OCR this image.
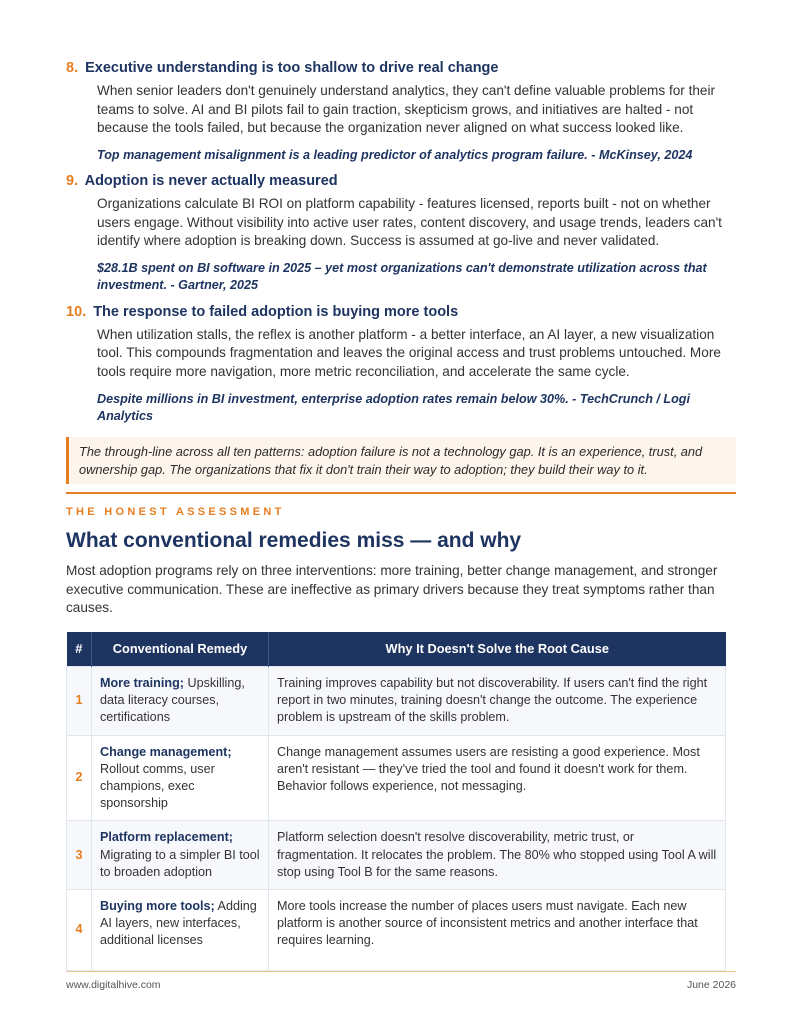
8. Executive understanding is too shallow to drive real change

When senior leaders don't genuinely understand analytics, they can't define valuable problems for their teams to solve. AI and BI pilots fail to gain traction, skepticism grows, and initiatives are halted - not because the tools failed, but because the organization never aligned on what success looked like.

Top management misalignment is a leading predictor of analytics program failure. - McKinsey, 2024

9. Adoption is never actually measured

Organizations calculate BI ROI on platform capability - features licensed, reports built - not on whether users engage. Without visibility into active user rates, content discovery, and usage trends, leaders can't identify where adoption is breaking down. Success is assumed at go-live and never validated.

$28.1B spent on BI software in 2025 – yet most organizations can't demonstrate utilization across that investment. - Gartner, 2025

10. The response to failed adoption is buying more tools

When utilization stalls, the reflex is another platform - a better interface, an AI layer, a new visualization tool. This compounds fragmentation and leaves the original access and trust problems untouched. More tools require more navigation, more metric reconciliation, and accelerate the same cycle.

Despite millions in BI investment, enterprise adoption rates remain below 30%. - TechCrunch / Logi Analytics

The through-line across all ten patterns: adoption failure is not a technology gap. It is an experience, trust, and ownership gap. The organizations that fix it don't train their way to adoption; they build their way to it.
THE HONEST ASSESSMENT
What conventional remedies miss — and why

Most adoption programs rely on three interventions: more training, better change management, and stronger executive communication. These are ineffective as primary drivers because they treat symptoms rather than causes.

#	Conventional Remedy	Why It Doesn't Solve the Root Cause
1	More training; Upskilling, data literacy courses, certifications	Training improves capability but not discoverability. If users can't find the right report in two minutes, training doesn't change the outcome. The experience problem is upstream of the skills problem.
2	Change management; Rollout comms, user champions, exec sponsorship	Change management assumes users are resisting a good experience. Most aren't resistant — they've tried the tool and found it doesn't work for them. Behavior follows experience, not messaging.
3	Platform replacement; Migrating to a simpler BI tool to broaden adoption	Platform selection doesn't resolve discoverability, metric trust, or fragmentation. It relocates the problem. The 80% who stopped using Tool A will stop using Tool B for the same reasons.
4	Buying more tools; Adding AI layers, new interfaces, additional licenses	More tools increase the number of places users must navigate. Each new platform is another source of inconsistent metrics and another interface that requires learning.
www.digitalhive.com	June 2026
